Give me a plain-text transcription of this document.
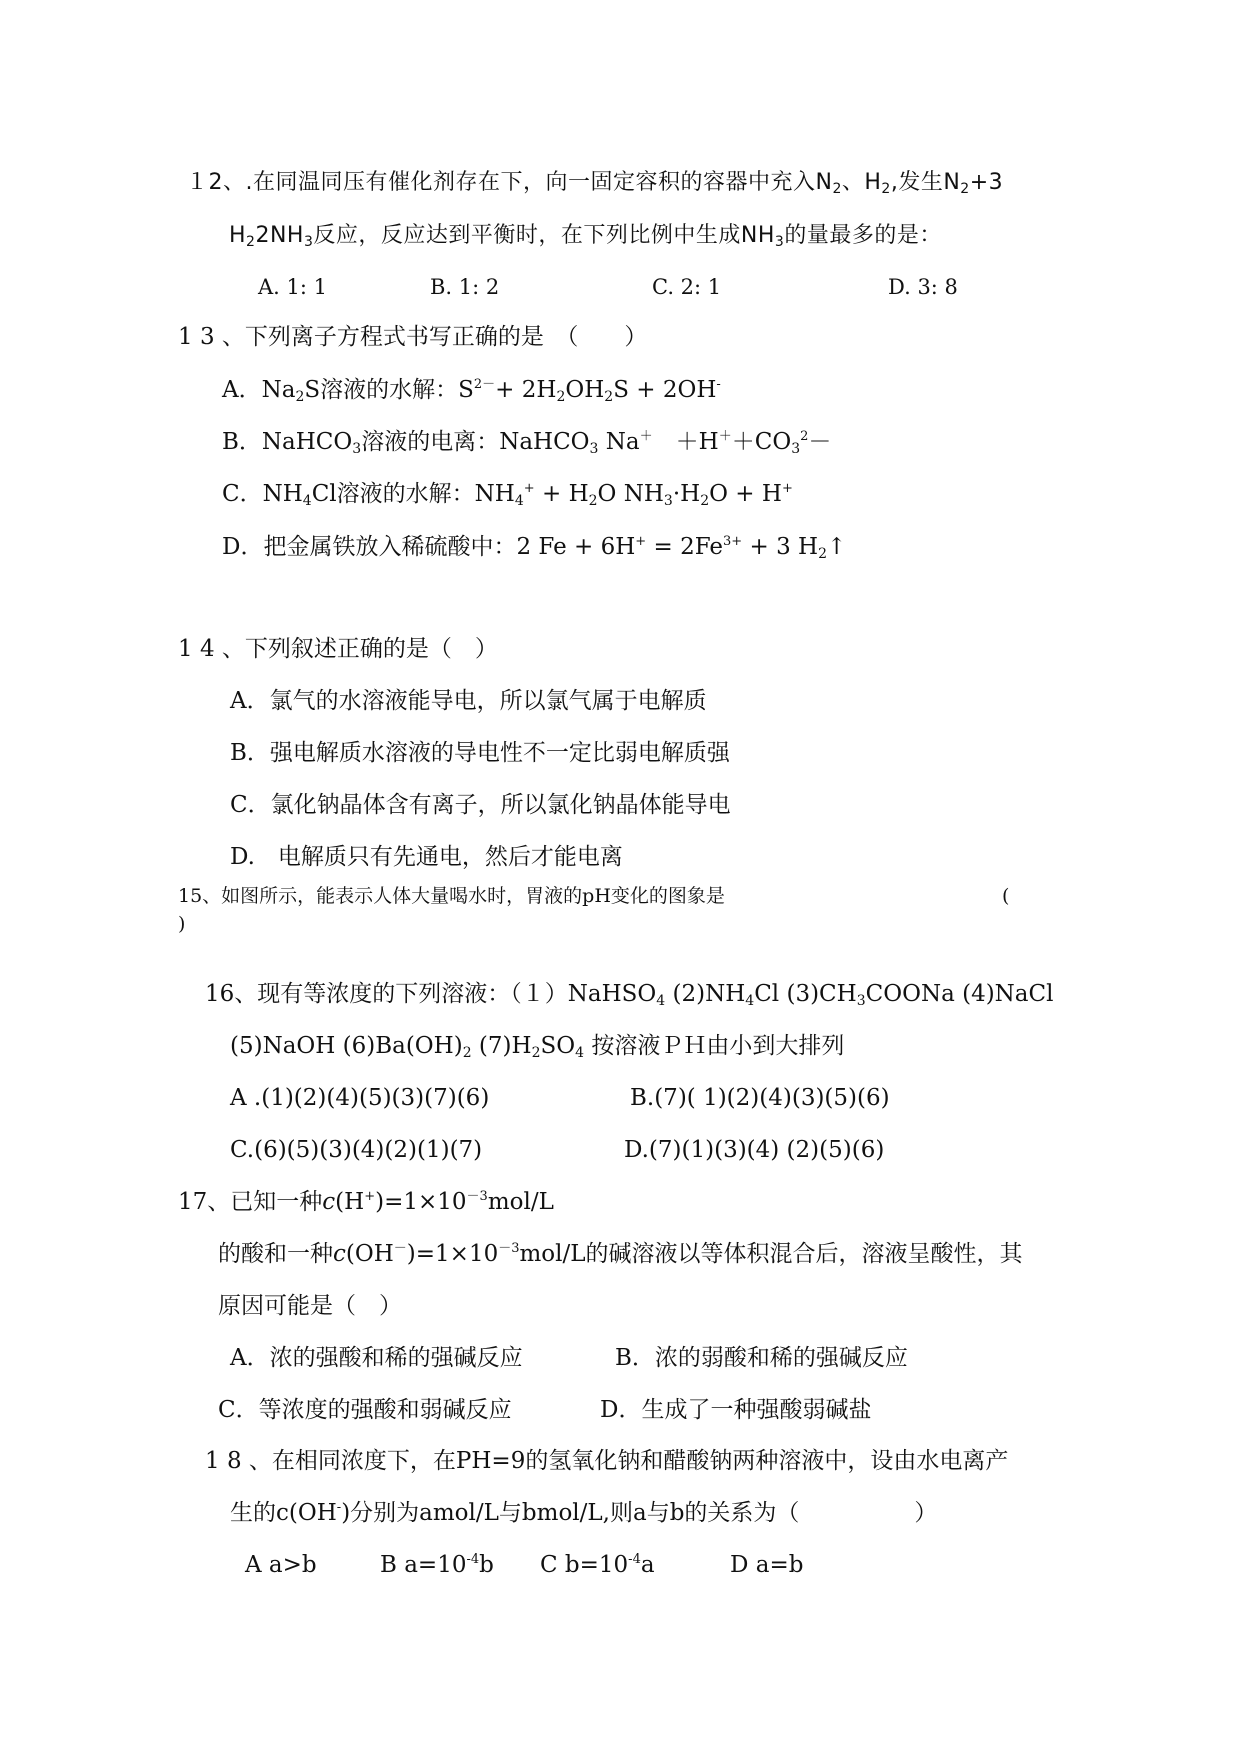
１2、.在同温同压有催化剂存在下，向一固定容积的容器中充入$N_2$、$H_2$,发生$N_2+3$
$H_22NH_3$反应，反应达到平衡时，在下列比例中生成$NH_3$的量最多的是：
A. 1: 1	B. 1: 2	C. 2: 1	D. 3: 8
1 3 、下列离子方程式书写正确的是　（　　）
A．$Na_2S$溶液的水解：$S^{2-}+ 2H_2OH_2S + 2OH^-$
B．NaHCO$_3$溶液的电离：NaHCO$_3$ Na＋　$+H^++CO_3^2-$
C．$NH_4Cl$溶液的水解：$NH_4^+ + H_2O$ $NH_3\cdot H_2O + H^+$
D．把金属铁放入稀硫酸中：2 $Fe + 6H^+ = 2Fe^{3+} + 3$ $H_2↑$
1 4 、下列叙述正确的是（　）
A．氯气的水溶液能导电，所以氯气属于电解质
B．强电解质水溶液的导电性不一定比弱电解质强
C．氯化钠晶体含有离子，所以氯化钠晶体能导电
D.　电解质只有先通电，然后才能电离
15、如图所示，能表示人体大量喝水时，胃液的pH变化的图象是	(
)
16、现有等浓度的下列溶液：（１）NaHSO$_4$ $(2)NH_4Cl$ $(3)CH_3COONa$ (4)NaCl
(5)NaOH $(6)Ba(OH)_2$ $(7)H_2SO_4$ 按溶液ＰＨ由小到大排列
A .(1)(2)(4)(5)(3)(7)(6)	B.(7)( 1)(2)(4)(3)(5)(6)
C.(6)(5)(3)(4)(2)(1)(7)	D.(7)(1)(3)(4) (2)(5)(6)
17、已知一种$c(H^+)=1\times 10^{-3}mol/L$
的酸和一种$c(OH^-)=1\times 10^{-3}mol/L$的碱溶液以等体积混合后，溶液呈酸性，其
原因可能是（　）
A．浓的强酸和稀的强碱反应	B．浓的弱酸和稀的强碱反应
C．等浓度的强酸和弱碱反应	D．生成了一种强酸弱碱盐
1 8 、在相同浓度下，在PH=9的氢氧化钠和醋酸钠两种溶液中，设由水电离产
生的c(OH-)分别为amol/L与bmol/L,则a与b的关系为（　　　　　）
A a>b	B $a=10^{-4}b$ C $b=10^{-4}a$	D a=b
